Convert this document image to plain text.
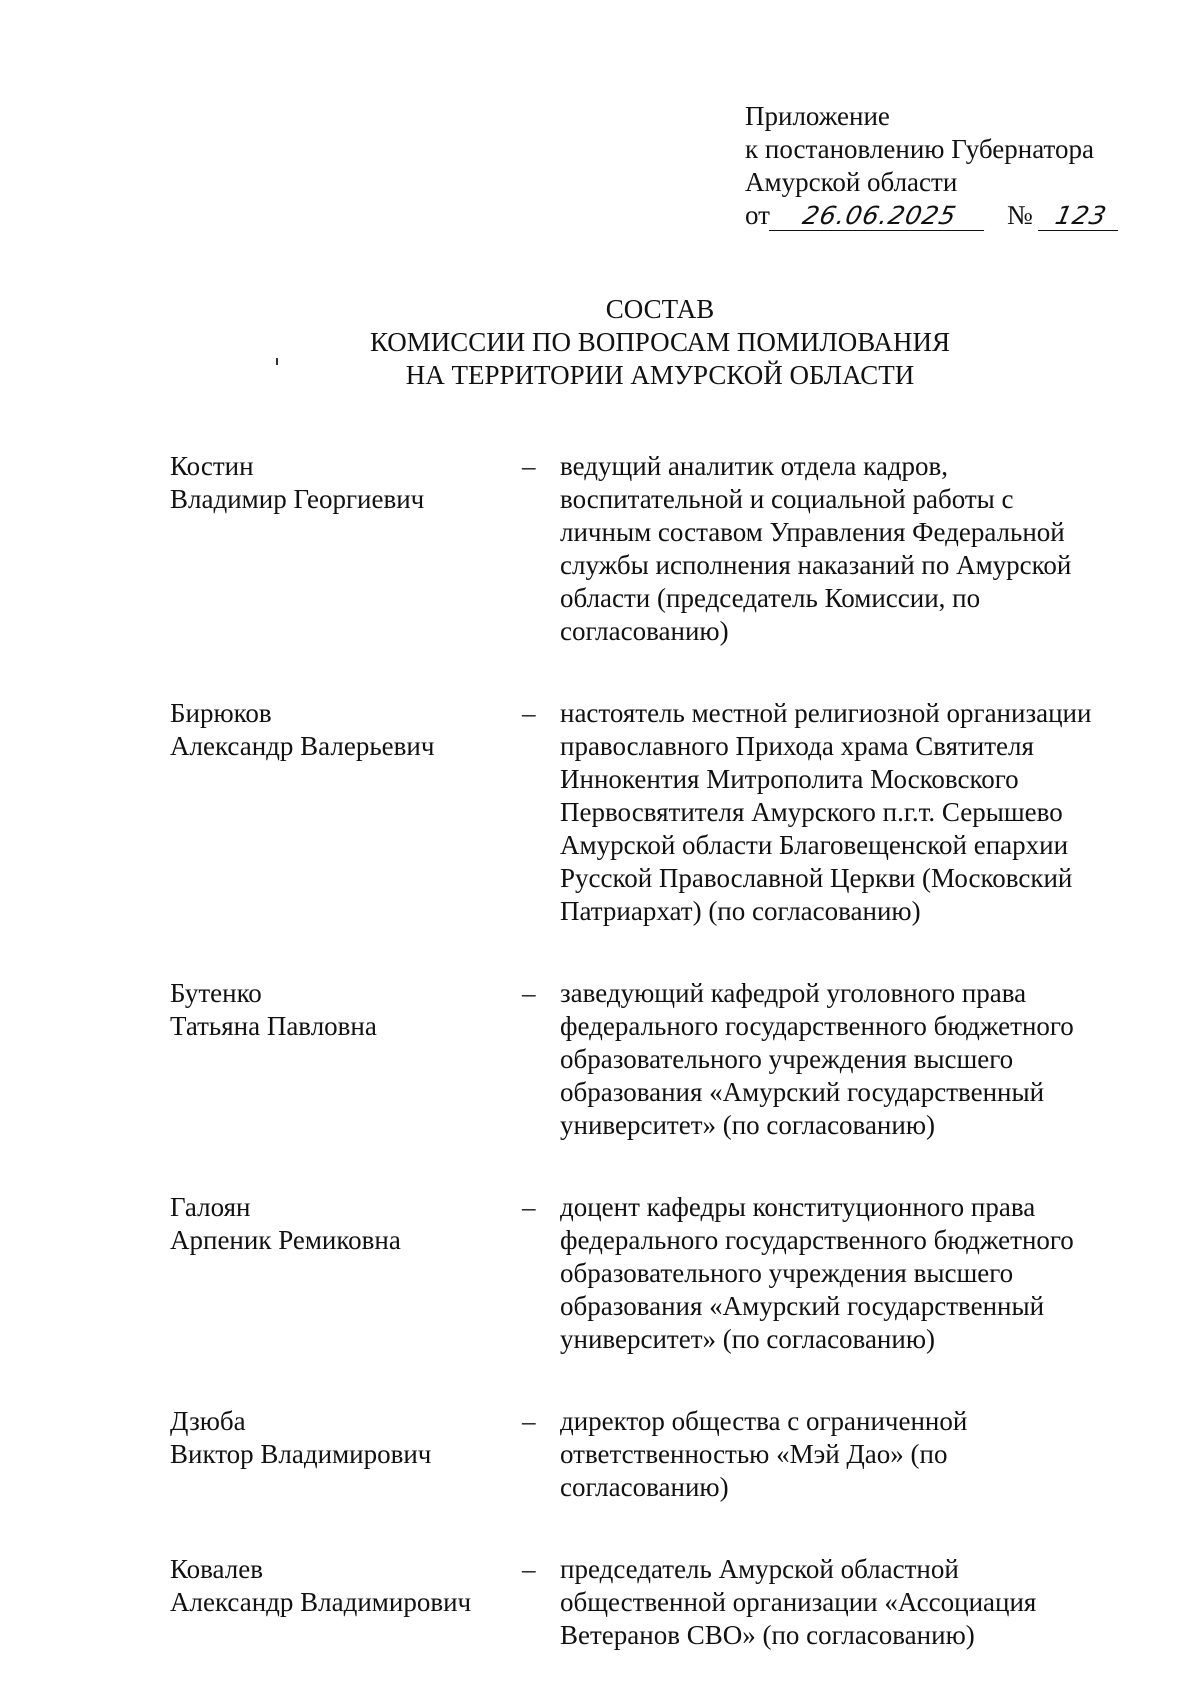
Приложение
к постановлению Губернатора
Амурской области
от	26.06.2025	№ 123
СОСТАВ
КОМИССИИ ПО ВОПРОСАМ ПОМИЛОВАНИЯ
НА ТЕРРИТОРИИ АМУРСКОЙ ОБЛАСТИ
Костин
Владимир Георгиевич
– ведущий аналитик отдела кадров,
воспитательной и социальной работы с
личным составом Управления Федеральной
службы исполнения наказаний по Амурской
области (председатель Комиссии, по
согласованию)
Бирюков
Александр Валерьевич
– настоятель местной религиозной организации
православного Прихода храма Святителя
Иннокентия Митрополита Московского
Первосвятителя Амурского п.г.т. Серышево
Амурской области Благовещенской епархии
Русской Православной Церкви (Московский
Патриархат) (по согласованию)
Бутенко
Татьяна Павловна
– заведующий кафедрой уголовного права
федерального государственного бюджетного
образовательного учреждения высшего
образования «Амурский государственный
университет» (по согласованию)
Галоян
Арпеник Ремиковна
– доцент кафедры конституционного права
федерального государственного бюджетного
образовательного учреждения высшего
образования «Амурский государственный
университет» (по согласованию)
Дзюба
Виктор Владимирович
– директор общества с ограниченной
ответственностью «Мэй Дао» (по
согласованию)
Ковалев
Александр Владимирович
– председатель Амурской областной
общественной организации «Ассоциация
Ветеранов СВО» (по согласованию)
